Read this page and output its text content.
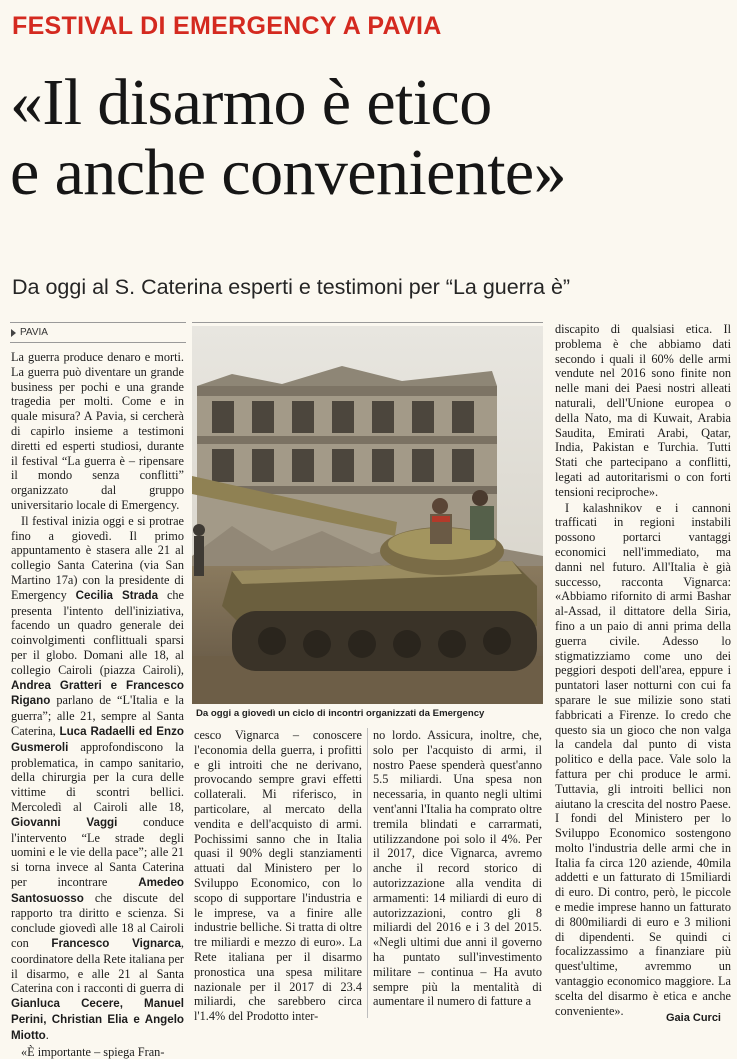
FESTIVAL DI EMERGENCY A PAVIA
«Il disarmo è etico
e anche conveniente»
Da oggi al S. Caterina esperti e testimoni per “La guerra è”
PAVIA

La guerra produce denaro e morti. La guerra può diventare un grande business per pochi e una grande tragedia per molti. Come e in quale misura? A Pavia, si cercherà di capirlo insieme a testimoni diretti ed esperti studiosi, durante il festival “La guerra è – ripensare il mondo senza conflitti” organizzato dal gruppo universitario locale di Emergency.

Il festival inizia oggi e si protrae fino a giovedì. Il primo appuntamento è stasera alle 21 al collegio Santa Caterina (via San Martino 17a) con la presidente di Emergency Cecilia Strada che presenta l'intento dell'iniziativa, facendo un quadro generale dei coinvolgimenti conflittuali sparsi per il globo. Domani alle 18, al collegio Cairoli (piazza Cairoli), Andrea Gratteri e Francesco Rigano parlano de “L'Italia e la guerra”; alle 21, sempre al Santa Caterina, Luca Radaelli ed Enzo Gusmeroli approfondiscono la problematica, in campo sanitario, della chirurgia per la cura delle vittime di scontri bellici. Mercoledì al Cairoli alle 18, Giovanni Vaggi conduce l'intervento “Le strade degli uomini e le vie della pace”; alle 21 si torna invece al Santa Caterina per incontrare Amedeo Santosuosso che discute del rapporto tra diritto e scienza. Si conclude giovedì alle 18 al Cairoli con Francesco Vignarca, coordinatore della Rete italiana per il disarmo, e alle 21 al Santa Caterina con i racconti di guerra di Gianluca Cecere, Manuel Perini, Christian Elia e Angelo Miotto.

«È importante – spiega Fran-

Da oggi a giovedì un ciclo di incontri organizzati da Emergency

cesco Vignarca – conoscere l'economia della guerra, i profitti e gli introiti che ne derivano, provocando sempre gravi effetti collaterali. Mi riferisco, in particolare, al mercato della vendita e dell'acquisto di armi. Pochissimi sanno che in Italia quasi il 90% degli stanziamenti attuati dal Ministero per lo Sviluppo Economico, con lo scopo di supportare l'industria e le imprese, va a finire alle industrie belliche. Si tratta di oltre tre miliardi e mezzo di euro». La Rete italiana per il disarmo pronostica una spesa militare nazionale per il 2017 di 23.4 miliardi, che sarebbero circa l'1.4% del Prodotto inter-

no lordo. Assicura, inoltre, che, solo per l'acquisto di armi, il nostro Paese spenderà quest'anno 5.5 miliardi. Una spesa non necessaria, in quanto negli ultimi vent'anni l'Italia ha comprato oltre tremila blindati e carrarmati, utilizzandone poi solo il 4%. Per il 2017, dice Vignarca, avremo anche il record storico di autorizzazione alla vendita di armamenti: 14 miliardi di euro di autorizzazioni, contro gli 8 miliardi del 2016 e i 3 del 2015. «Negli ultimi due anni il governo ha puntato sull'investimento militare – continua – Ha avuto sempre più la mentalità di aumentare il numero di fatture a

discapito di qualsiasi etica. Il problema è che abbiamo dati secondo i quali il 60% delle armi vendute nel 2016 sono finite non nelle mani dei Paesi nostri alleati naturali, dell'Unione europea o della Nato, ma di Kuwait, Arabia Saudita, Emirati Arabi, Qatar, India, Pakistan e Turchia. Tutti Stati che partecipano a conflitti, legati ad autoritarismi o con forti tensioni reciproche».

I kalashnikov e i cannoni trafficati in regioni instabili possono portarci vantaggi economici nell'immediato, ma danni nel futuro. All'Italia è già successo, racconta Vignarca: «Abbiamo rifornito di armi Bashar al-Assad, il dittatore della Siria, fino a un paio di anni prima della guerra civile. Adesso lo stigmatizziamo come uno dei peggiori despoti dell'area, eppure i puntatori laser notturni con cui fa sparare le sue milizie sono stati fabbricati a Firenze. Io credo che questo sia un gioco che non valga la candela dal punto di vista politico e della pace. Vale solo la fattura per chi produce le armi. Tuttavia, gli introiti bellici non aiutano la crescita del nostro Paese. I fondi del Ministero per lo Sviluppo Economico sostengono molto l'industria delle armi che in Italia fa circa 120 aziende, 40mila addetti e un fatturato di 15miliardi di euro. Di contro, però, le piccole e medie imprese hanno un fatturato di 800miliardi di euro e 3 milioni di dipendenti. Se quindi ci focalizzassimo a finanziare più quest'ultime, avremmo un vantaggio economico maggiore. La scelta del disarmo è etica e anche conveniente».

Gaia Curci
